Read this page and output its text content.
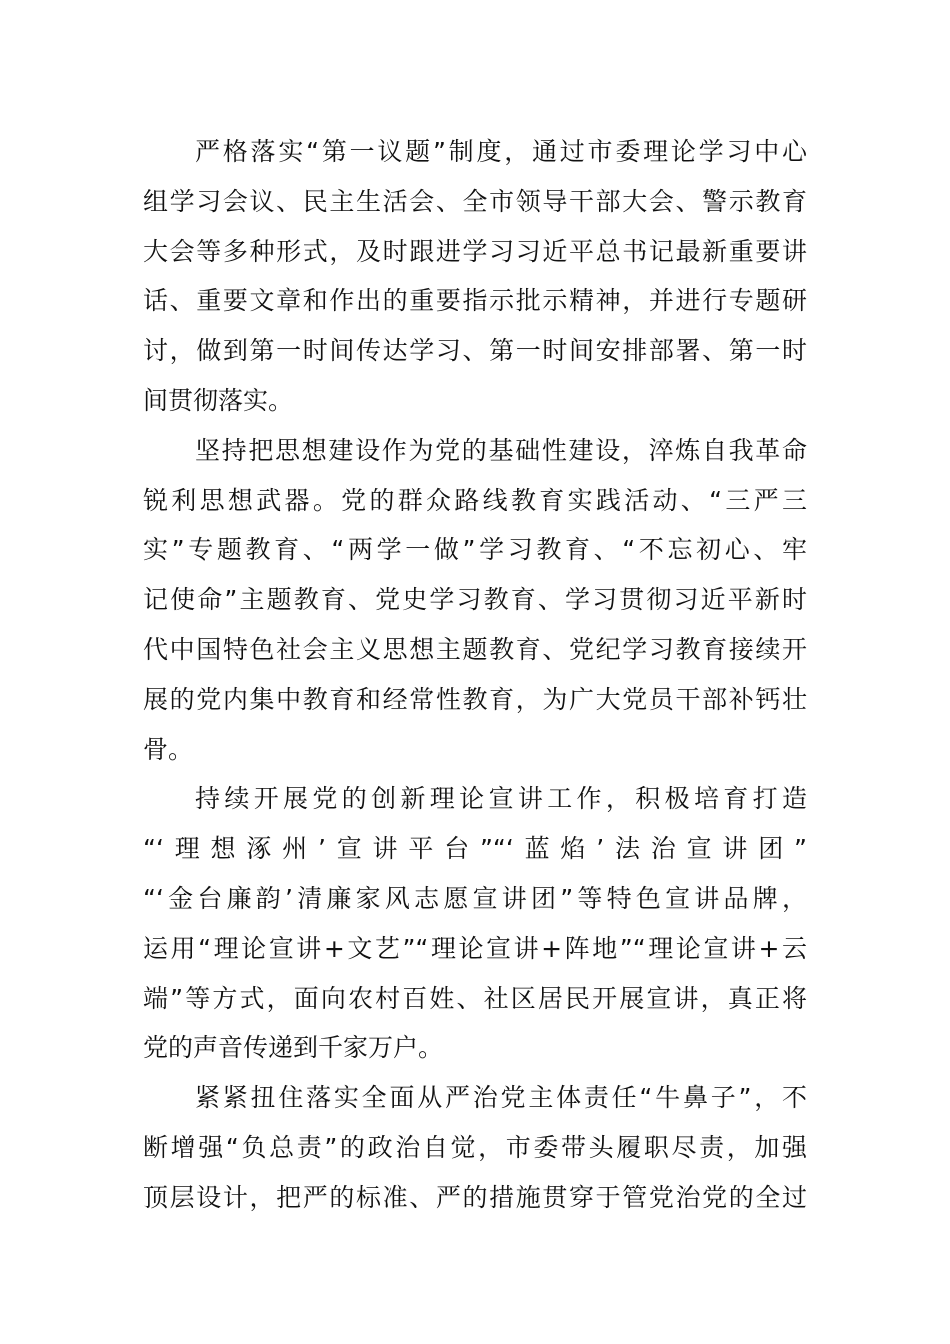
严格落实“第一议题”制度，通过市委理论学习中心
组学习会议、民主生活会、全市领导干部大会、警示教育
大会等多种形式，及时跟进学习习近平总书记最新重要讲
话、重要文章和作出的重要指示批示精神，并进行专题研
讨，做到第一时间传达学习、第一时间安排部署、第一时
间贯彻落实。

坚持把思想建设作为党的基础性建设，淬炼自我革命
锐利思想武器。党的群众路线教育实践活动、“三严三
实”专题教育、“两学一做”学习教育、“不忘初心、牢
记使命”主题教育、党史学习教育、学习贯彻习近平新时
代中国特色社会主义思想主题教育、党纪学习教育接续开
展的党内集中教育和经常性教育，为广大党员干部补钙壮
骨。

持续开展党的创新理论宣讲工作，积极培育打造
“‘理想涿州’宣讲平台”“‘蓝焰’法治宣讲团”
“‘金台廉韵’清廉家风志愿宣讲团”等特色宣讲品牌，
运用“理论宣讲+文艺”“理论宣讲+阵地”“理论宣讲+云
端”等方式，面向农村百姓、社区居民开展宣讲，真正将
党的声音传递到千家万户。

紧紧扭住落实全面从严治党主体责任“牛鼻子”，不
断增强“负总责”的政治自觉，市委带头履职尽责，加强
顶层设计，把严的标准、严的措施贯穿于管党治党的全过
